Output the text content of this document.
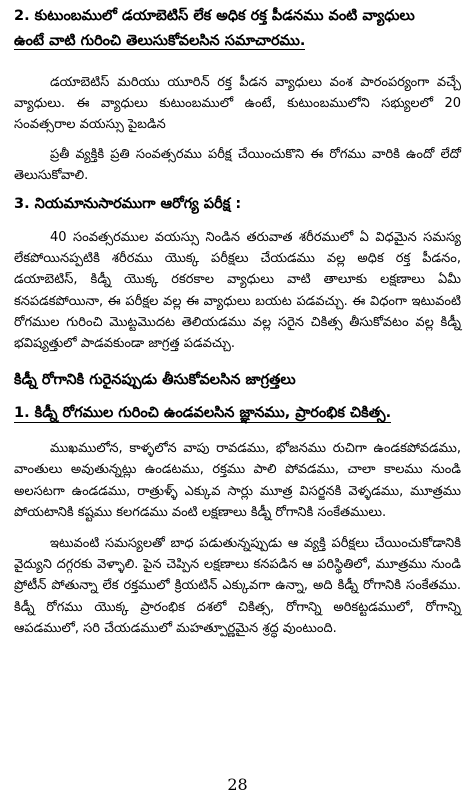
2. కుటుంబములో డయాబెటిస్ లేక అధిక రక్త పీడనము వంటి వ్యాధులు
ఉంటే వాటి గురించి తెలుసుకోవలసిన సమాచారము.

డయాబెటిస్ మరియు యూరిన్ రక్త పీడన వ్యాధులు వంశ పారంపర్యంగా వచ్చే వ్యాధులు. ఈ వ్యాధులు కుటుంబములో ఉంటే, కుటుంబములోని సభ్యులలో 20 సంవత్సరాల వయస్సు పైబడిన

ప్రతీ వ్యక్తికి ప్రతి సంవత్సరము పరీక్ష చేయించుకొని ఈ రోగము వారికి ఉందో లేదో తెలుసుకోవాలి.

3. నియమానుసారముగా ఆరోగ్య పరీక్ష :

40 సంవత్సరముల వయస్సు నిండిన తరువాత శరీరములో ఏ విధమైన సమస్య లేకపోయినప్పటికి శరీరము యొక్క పరీక్షలు చేయడము వల్ల అధిక రక్త పీడనం, డయాబెటిస్, కిడ్నీ యొక్క రకరకాల వ్యాధులు వాటి తాలూకు లక్షణాలు ఏమీ కనపడకపోయినా, ఈ పరీక్షల వల్ల ఈ వ్యాధులు బయట పడవచ్చు. ఈ విధంగా ఇటువంటి రోగముల గురించి మొట్టమొదట తెలియడము వల్ల సరైన చికిత్స తీసుకోవటం వల్ల కిడ్నీ భవిష్యత్తులో పాడవకుండా జాగ్రత్త పడవచ్చు.

కిడ్నీ రోగానికి గురైనప్పుడు తీసుకోవలసిన జాగ్రత్తలు

1. కిడ్నీ రోగముల గురించి ఉండవలసిన జ్ఞానము, ప్రారంభిక చికిత్స.

ముఖములోన, కాళ్ళలోన వాపు రావడము, భోజనము రుచిగా ఉండకపోవడము, వాంతులు అవుతున్నట్లు ఉండటము, రక్తము పాలి పోవడము, చాలా కాలము నుండి అలసటగా ఉండడము, రాత్రుళ్ళ్ ఎక్కువ సార్లు మూత్ర విసర్జనకి వెళ్ళడము, మూత్రము పోయటానికి కష్టము కలగడము వంటి లక్షణాలు కిడ్నీ రోగానికి సంకేతములు.

ఇటువంటి సమస్యలతో బాధ పడుతున్నప్పుడు ఆ వ్యక్తి పరీక్షలు చేయించుకోడానికి వైద్యుని దగ్గరకు వెళ్ళాలి. పైన చెప్పిన లక్షణాలు కనపడిన ఆ పరిస్థితిలో, మూత్రము నుండి ప్రోటీన్ పోతున్నా లేక రక్తములో క్రియటిన్ ఎక్కువగా ఉన్నా, అది కిడ్నీ రోగానికి సంకేతము. కిడ్నీ రోగము యొక్క ప్రారంభిక దశలో చికిత్స, రోగాన్ని అరికట్టడములో, రోగాన్ని ఆపడములో, సరి చేయడములో మహత్పూర్ణమైన శ్రద్ధ వుంటుంది.

28
